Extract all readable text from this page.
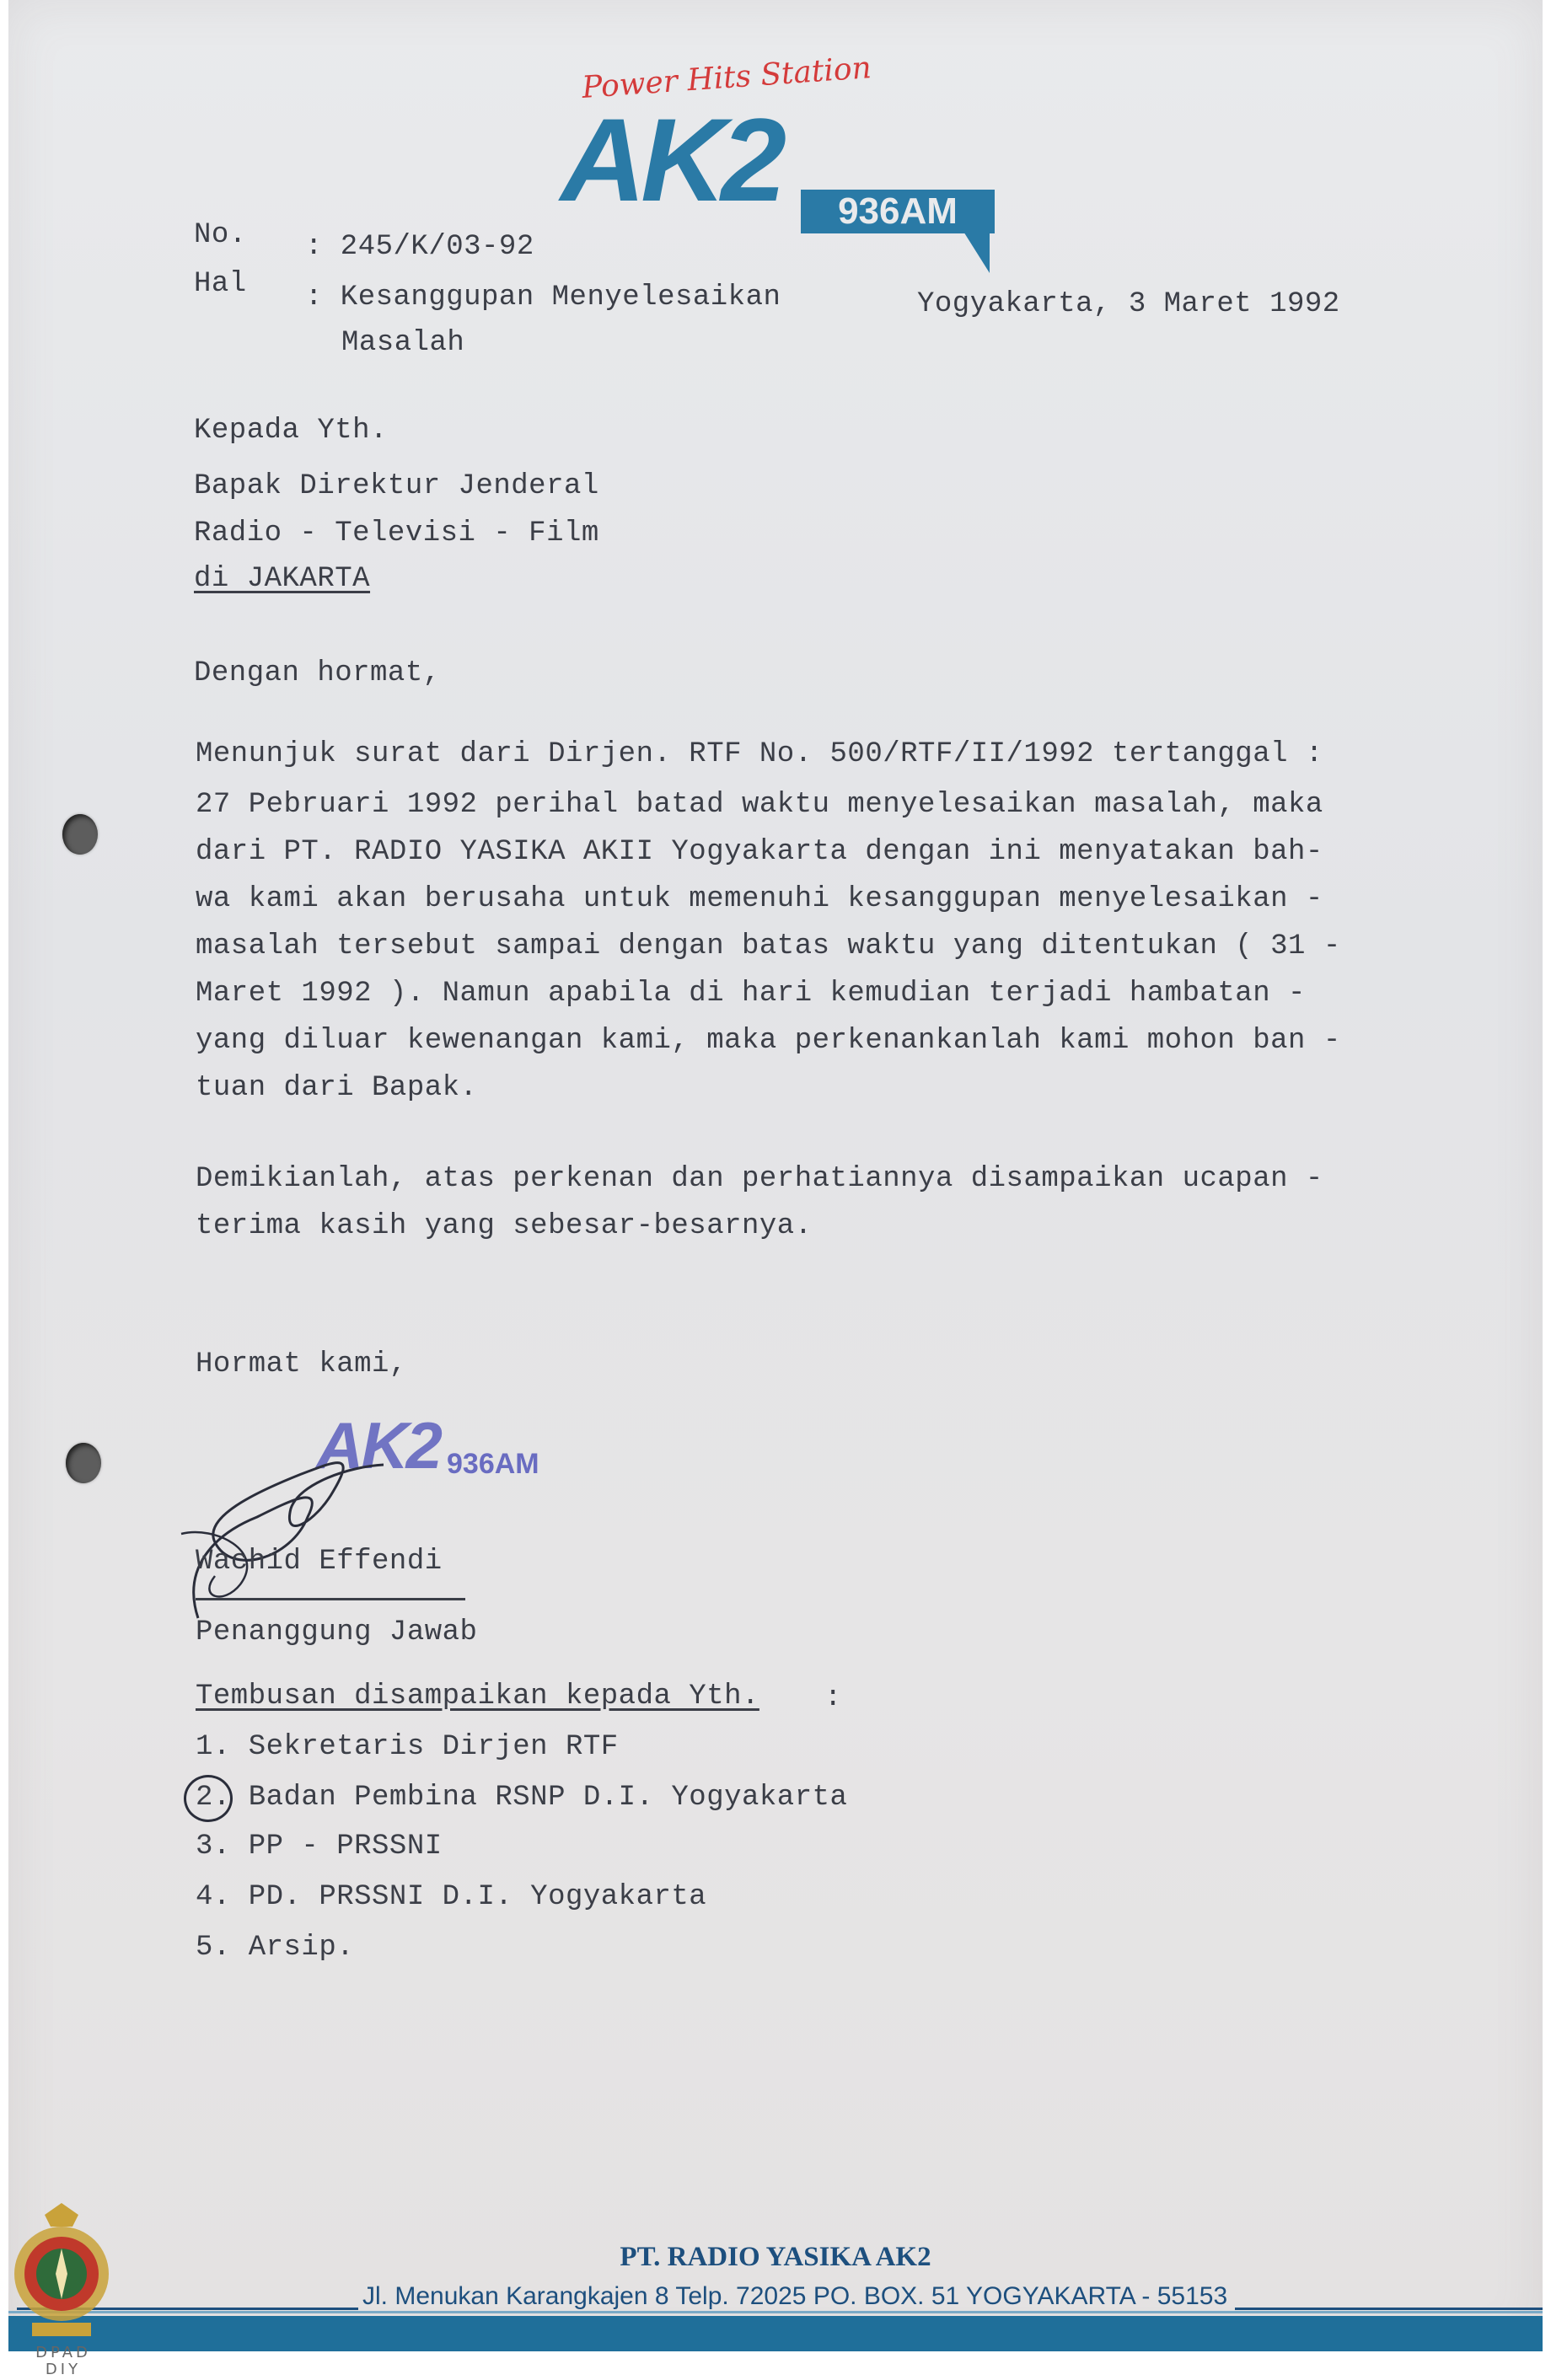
Power Hits Station
AK2	936AM
No. : 245/K/03-92
Hal : Kesanggupan Menyelesaikan
Masalah
Yogyakarta, 3 Maret 1992
Kepada Yth.
Bapak Direktur Jenderal
Radio - Televisi - Film
di JAKARTA
Dengan hormat,
Menunjuk surat dari Dirjen. RTF No. 500/RTF/II/1992 tertanggal :
27 Pebruari 1992 perihal batad waktu menyelesaikan masalah, maka
dari PT. RADIO YASIKA AKII Yogyakarta dengan ini menyatakan bah-
wa kami akan berusaha untuk memenuhi kesanggupan menyelesaikan -
masalah tersebut sampai dengan batas waktu yang ditentukan ( 31 -
Maret 1992 ). Namun apabila di hari kemudian terjadi hambatan -
yang diluar kewenangan kami, maka perkenankanlah kami mohon ban -
tuan dari Bapak.
Demikianlah, atas perkenan dan perhatiannya disampaikan ucapan -
terima kasih yang sebesar-besarnya.
Hormat kami,
AK2 936AM
Wachid Effendi
Penanggung Jawab
Tembusan disampaikan kepada Yth. :
1. Sekretaris Dirjen RTF
2. Badan Pembina RSNP D.I. Yogyakarta
3. PP - PRSSNI
4. PD. PRSSNI D.I. Yogyakarta
5. Arsip.
PT. RADIO YASIKA AK2
Jl. Menukan Karangkajen 8 Telp. 72025 PO. BOX. 51 YOGYAKARTA - 55153
DPAD DIY
